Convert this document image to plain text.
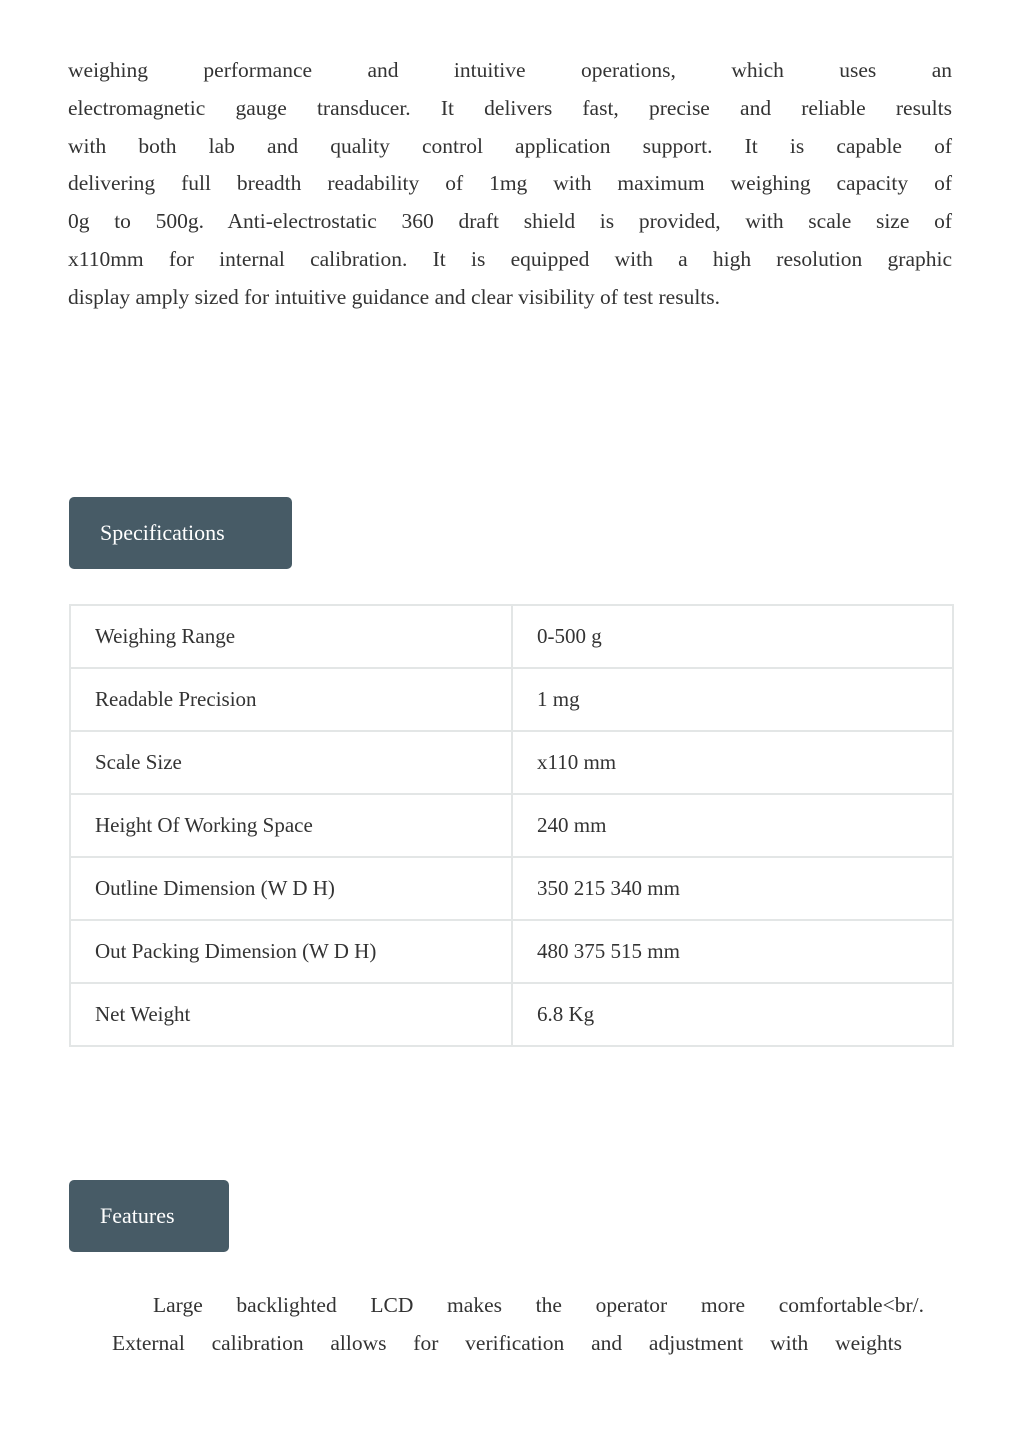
weighing performance and intuitive operations, which uses an
electromagnetic gauge transducer. It delivers fast, precise and reliable results
with both lab and quality control application support. It is capable of
delivering full breadth readability of 1mg with maximum weighing capacity of
0g to 500g. Anti-electrostatic 360 draft shield is provided, with scale size of
x110mm for internal calibration. It is equipped with a high resolution graphic
display amply sized for intuitive guidance and clear visibility of test results.
Specifications
Weighing Range	0-500 g
Readable Precision	1 mg
Scale Size	x110 mm
Height Of Working Space	240 mm
Outline Dimension (W D H)	350 215 340 mm
Out Packing Dimension (W D H)	480 375 515 mm
Net Weight	6.8 Kg
Features
Large backlighted LCD makes the operator more comfortable<br/.
External calibration allows for verification and adjustment with weights
